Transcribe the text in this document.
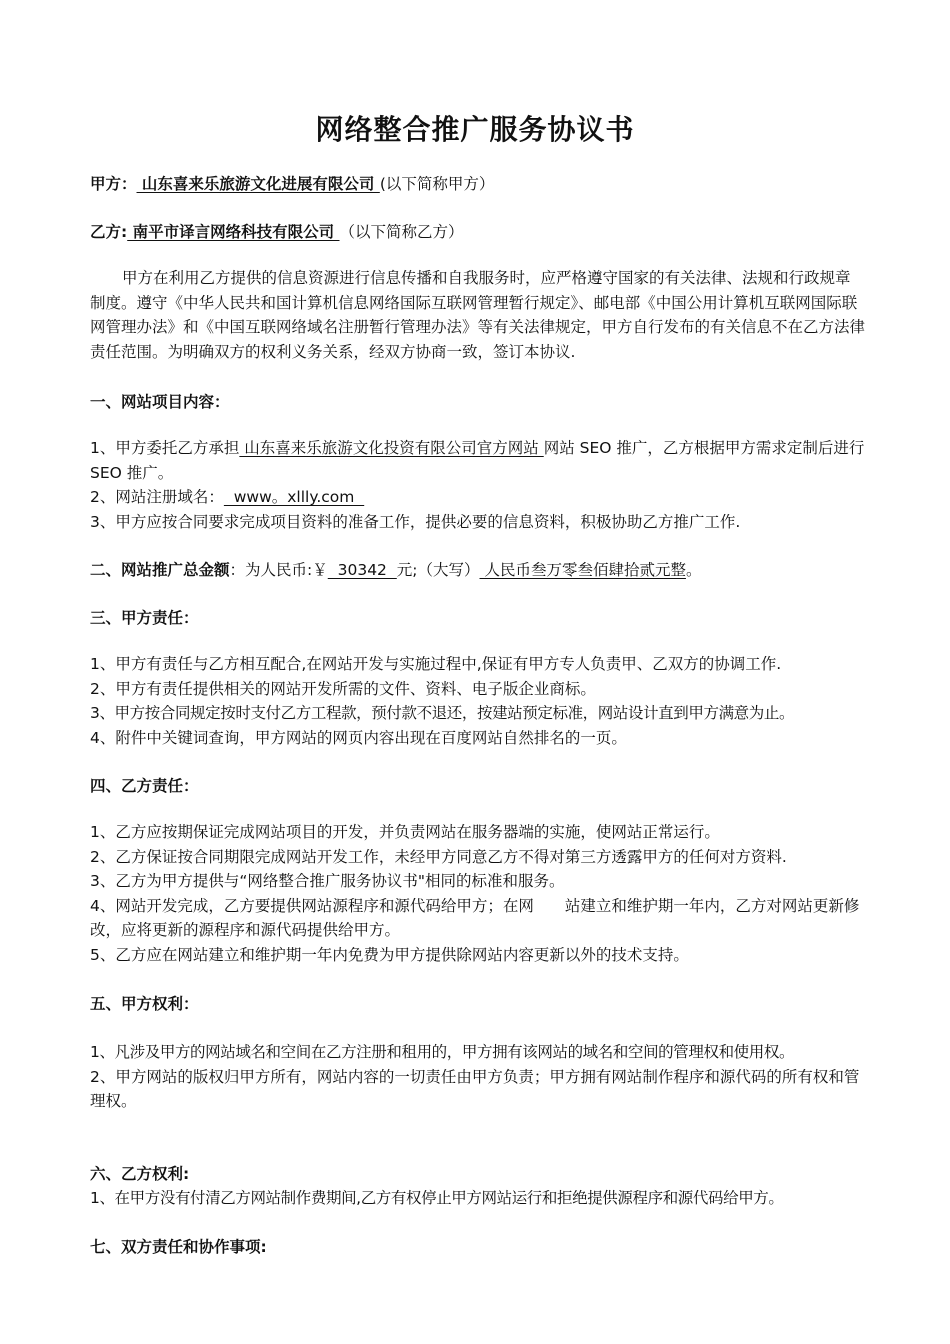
网络整合推广服务协议书
甲方： 山东喜来乐旅游文化进展有限公司 (以下简称甲方）
乙方: 南平市译言网络科技有限公司 （以下简称乙方）
甲方在利用乙方提供的信息资源进行信息传播和自我服务时，应严格遵守国家的有关法律、法规和行政规章制度。遵守《中华人民共和国计算机信息网络国际互联网管理暂行规定》、邮电部《中国公用计算机互联网国际联网管理办法》和《中国互联网络域名注册暂行管理办法》等有关法律规定，甲方自行发布的有关信息不在乙方法律责任范围。为明确双方的权利义务关系，经双方协商一致，签订本协议.
一、网站项目内容：

1、甲方委托乙方承担 山东喜来乐旅游文化投资有限公司官方网站 网站 SEO 推广，乙方根据甲方需求定制后进行 SEO 推广。

2、网站注册域名：  www。xllly.com

3、甲方应按合同要求完成项目资料的准备工作，提供必要的信息资料，积极协助乙方推广工作.

二、网站推广总金额：为人民币:￥  30342  元;（大写） 人民币叁万零叁佰肆拾贰元整。
三、甲方责任：

1、甲方有责任与乙方相互配合,在网站开发与实施过程中,保证有甲方专人负责甲、乙双方的协调工作.

2、甲方有责任提供相关的网站开发所需的文件、资料、电子版企业商标。

3、甲方按合同规定按时支付乙方工程款，预付款不退还，按建站预定标准，网站设计直到甲方满意为止。

4、附件中关键词查询，甲方网站的网页内容出现在百度网站自然排名的一页。

四、乙方责任：

1、乙方应按期保证完成网站项目的开发，并负责网站在服务器端的实施，使网站正常运行。

2、乙方保证按合同期限完成网站开发工作，未经甲方同意乙方不得对第三方透露甲方的任何对方资料.

3、乙方为甲方提供与“网络整合推广服务协议书"相同的标准和服务。

4、网站开发完成，乙方要提供网站源程序和源代码给甲方；在网　　站建立和维护期一年内，乙方对网站更新修改，应将更新的源程序和源代码提供给甲方。

5、乙方应在网站建立和维护期一年内免费为甲方提供除网站内容更新以外的技术支持。

五、甲方权利：

1、凡涉及甲方的网站域名和空间在乙方注册和租用的，甲方拥有该网站的域名和空间的管理权和使用权。

2、甲方网站的版权归甲方所有，网站内容的一切责任由甲方负责；甲方拥有网站制作程序和源代码的所有权和管理权。

六、乙方权利:

1、在甲方没有付清乙方网站制作费期间,乙方有权停止甲方网站运行和拒绝提供源程序和源代码给甲方。

七、双方责任和协作事项:
